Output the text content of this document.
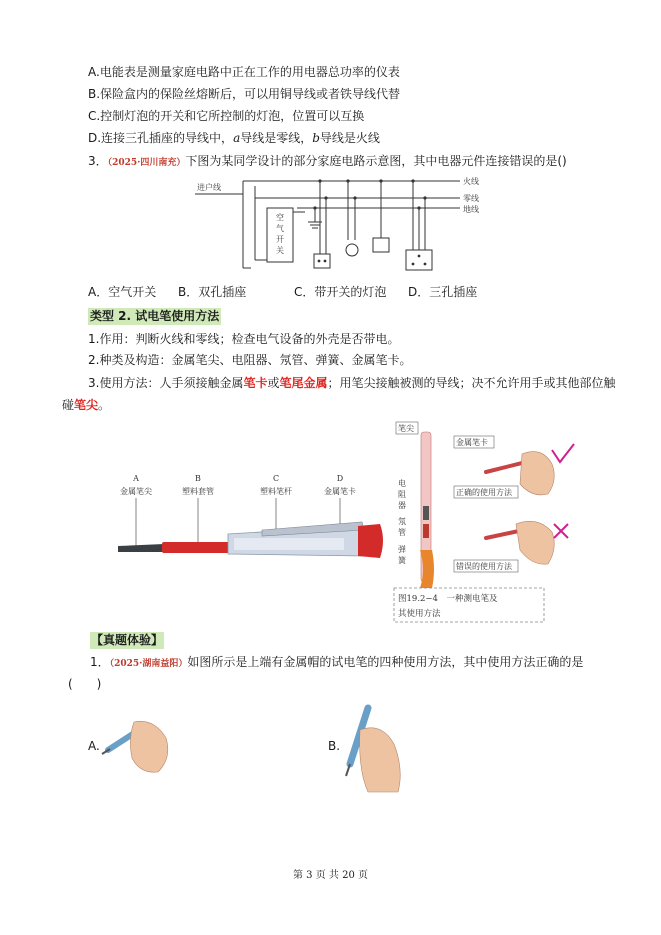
A.电能表是测量家庭电路中正在工作的用电器总功率的仪表
B.保险盒内的保险丝熔断后，可以用铜导线或者铁导线代替
C.控制灯泡的开关和它所控制的灯泡，位置可以互换
D.连接三孔插座的导线中，a导线是零线，b导线是火线
3．（2025·四川南充）下图为某同学设计的部分家庭电路示意图，其中电器元件连接错误的是()
进户线
火线
零线
地线
空
气
开
关
A．空气开关 B．双孔插座	C．带开关的灯泡 D．三孔插座
类型 2. 试电笔使用方法
1.作用：判断火线和零线；检查电气设备的外壳是否带电。
2.种类及构造：金属笔尖、电阻器、氖管、弹簧、金属笔卡。
3.使用方法：人手须接触金属笔卡或笔尾金属；用笔尖接触被测的导线；决不允许用手或其他部位触
碰笔尖。
A
金属笔尖
B
塑料套管
C
塑料笔杆
D
金属笔卡
笔尖
金属笔卡
电
阻
器
氖
管
弹
簧
正确的使用方法
错误的使用方法
图19.2−4　一种测电笔及
其使用方法
【真题体验】
1．（2025·湖南益阳）如图所示是上端有金属帽的试电笔的四种使用方法，其中使用方法正确的是
(　　)
A.	B.
第 3 页 共 20 页
